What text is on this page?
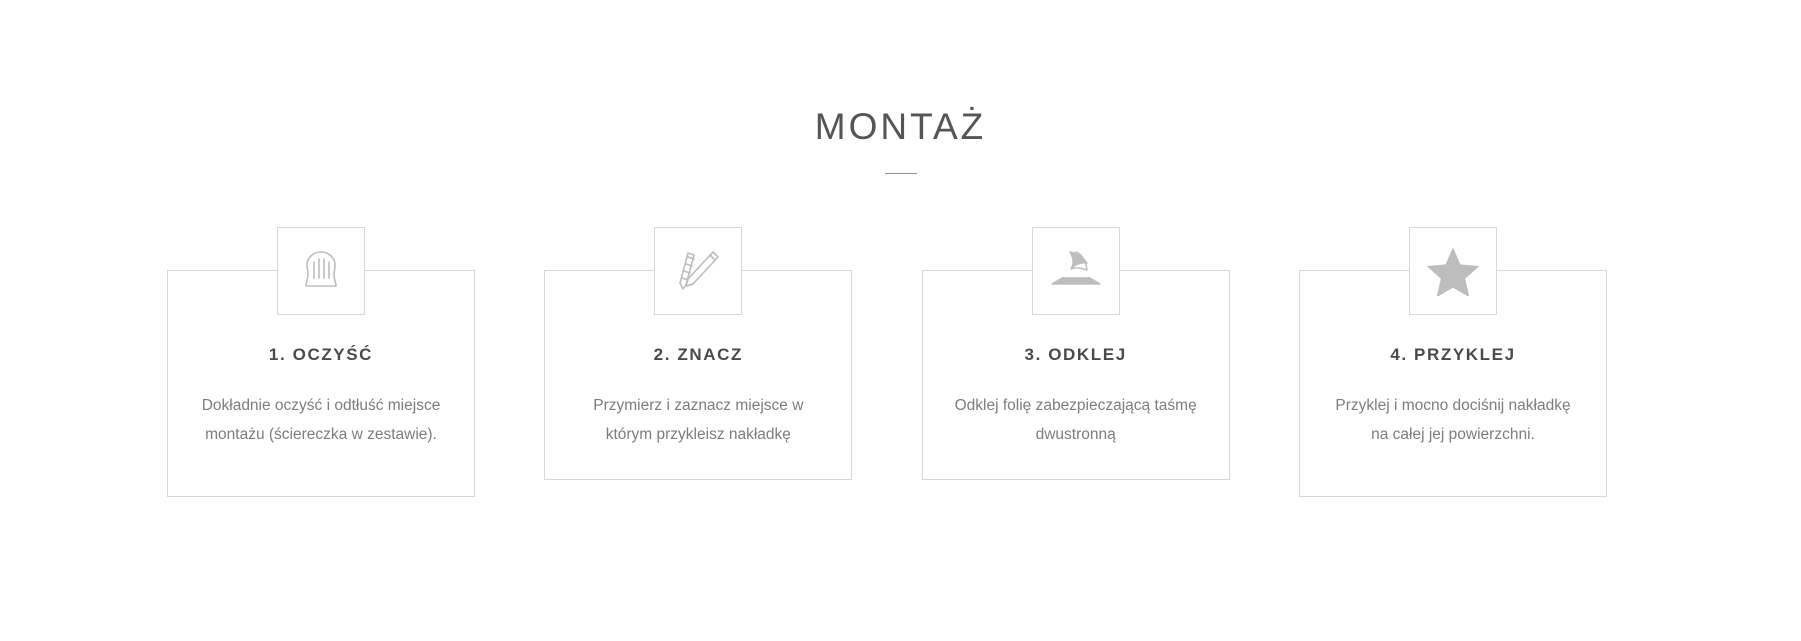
MONTAŻ
1. OCZYŚĆ

Dokładnie oczyść i odtłuść miejsce montażu (ściereczka w zestawie).

2. ZNACZ

Przymierz i zaznacz miejsce w którym przykleisz nakładkę

3. ODKLEJ

Odklej folię zabezpieczającą taśmę dwustronną

4. PRZYKLEJ

Przyklej i mocno dociśnij nakładkę na całej jej powierzchni.
